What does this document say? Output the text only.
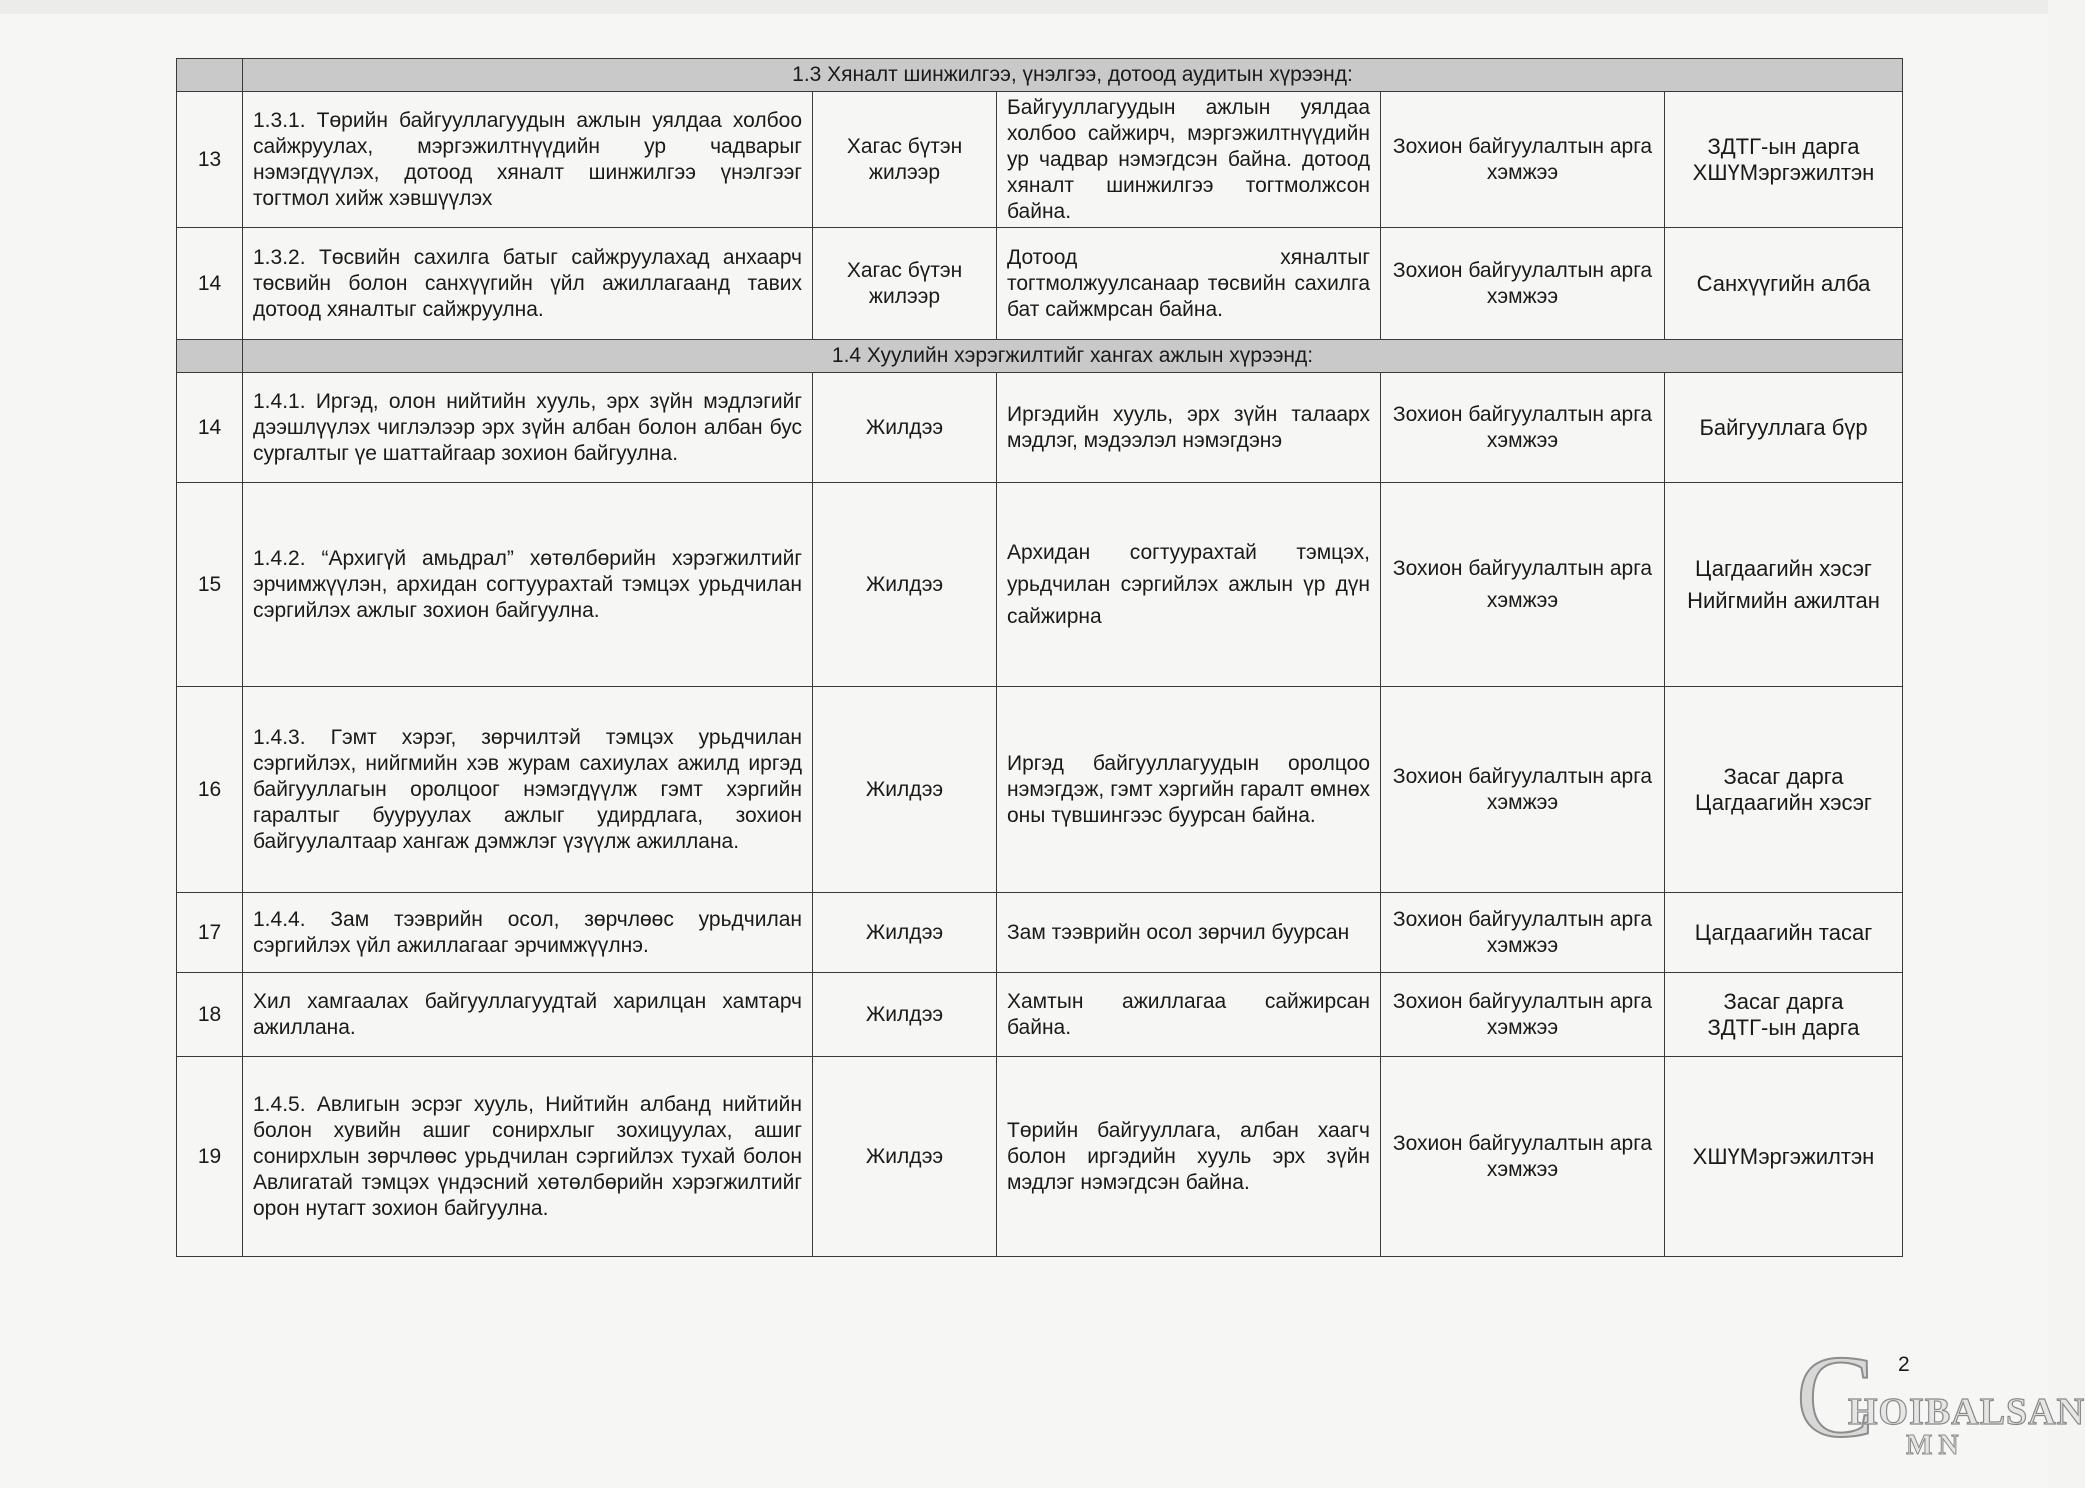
	1.3 Хяналт шинжилгээ, үнэлгээ, дотоод аудитын хүрээнд:				
13	1.3.1. Төрийн байгууллагуудын ажлын уялдаа холбоо сайжруулах, мэргэжилтнүүдийн ур чадварыг нэмэгдүүлэх, дотоод хяналт шинжилгээ үнэлгээг тогтмол хийж хэвшүүлэх	Хагас бүтэн жилээр	Байгууллагуудын ажлын уялдаа холбоо сайжирч, мэргэжилтнүүдийн ур чадвар нэмэгдсэн байна. дотоод хяналт шинжилгээ тогтмолжсон байна.	Зохион байгуулалтын арга хэмжээ	ЗДТГ-ын дарга
ХШҮМэргэжилтэн

14	1.3.2. Төсвийн сахилга батыг сайжруулахад анхаарч төсвийн болон санхүүгийн үйл ажиллагаанд тавих дотоод хяналтыг сайжруулна.	Хагас бүтэн жилээр	Дотоод хяналтыг тогтмолжуулсанаар төсвийн сахилга бат сайжмрсан байна.	Зохион байгуулалтын арга хэмжээ	Санхүүгийн алба

	1.4 Хуулийн хэрэгжилтийг хангах ажлын хүрээнд:				
14	1.4.1. Иргэд, олон нийтийн хууль, эрх зүйн мэдлэгийг дээшлүүлэх чиглэлээр эрх зүйн албан болон албан бус сургалтыг үе шаттайгаар зохион байгуулна.	Жилдээ	Иргэдийн хууль, эрх зүйн талаарх мэдлэг, мэдээлэл нэмэгдэнэ	Зохион байгуулалтын арга хэмжээ	Байгууллага бүр

15	1.4.2. “Архигүй амьдрал” хөтөлбөрийн хэрэгжилтийг эрчимжүүлэн, архидан согтуурахтай тэмцэх урьдчилан сэргийлэх ажлыг зохион байгуулна.	Жилдээ	Архидан согтуурахтай тэмцэх, урьдчилан сэргийлэх ажлын үр дүн сайжирна	Зохион байгуулалтын арга хэмжээ	Цагдаагийн хэсэг
Нийгмийн ажилтан

16	1.4.3. Гэмт хэрэг, зөрчилтэй тэмцэх урьдчилан сэргийлэх, нийгмийн хэв журам сахиулах ажилд иргэд байгууллагын оролцоог нэмэгдүүлж гэмт хэргийн гаралтыг бууруулах ажлыг удирдлага, зохион байгуулалтаар хангаж дэмжлэг үзүүлж ажиллана.	Жилдээ	Иргэд байгууллагуудын оролцоо нэмэгдэж, гэмт хэргийн гаралт өмнөх оны түвшингээс буурсан байна.	Зохион байгуулалтын арга хэмжээ	Засаг дарга
Цагдаагийн хэсэг

17	1.4.4. Зам тээврийн осол, зөрчлөөс урьдчилан сэргийлэх үйл ажиллагааг эрчимжүүлнэ.	Жилдээ	Зам тээврийн осол зөрчил буурсан	Зохион байгуулалтын арга хэмжээ	Цагдаагийн тасаг

18	Хил хамгаалах байгууллагуудтай харилцан хамтарч ажиллана.	Жилдээ	Хамтын ажиллагаа сайжирсан байна.	Зохион байгуулалтын арга хэмжээ	Засаг дарга
ЗДТГ-ын дарга

19	1.4.5. Авлигын эсрэг хууль, Нийтийн албанд нийтийн болон хувийн ашиг сонирхлыг зохицуулах, ашиг сонирхлын зөрчлөөс урьдчилан сэргийлэх тухай болон Авлигатай тэмцэх үндэсний хөтөлбөрийн хэрэгжилтийг орон нутагт зохион байгуулна.	Жилдээ	Төрийн байгууллага, албан хаагч болон иргэдийн хууль эрх зүйн мэдлэг нэмэгдсэн байна.	Зохион байгуулалтын арга хэмжээ	ХШҮМэргэжилтэн
2
C
HOIBALSAN
MN
